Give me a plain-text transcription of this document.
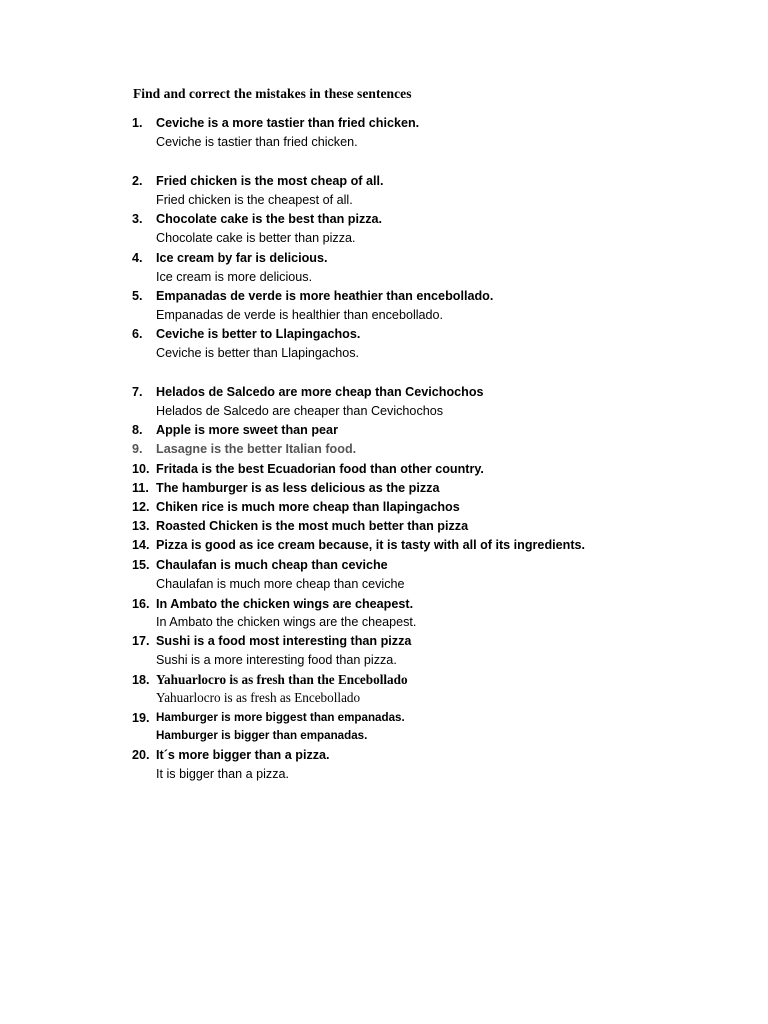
Find and correct the mistakes in these sentences
1. Ceviche is a more tastier than fried chicken.
Ceviche is tastier than fried chicken.
2. Fried chicken is the most cheap of all.
Fried chicken is the cheapest of all.
3. Chocolate cake is the best than pizza.
Chocolate cake is better than pizza.
4. Ice cream by far is delicious.
Ice cream is more delicious.
5. Empanadas de verde is more heathier than encebollado.
Empanadas de verde is healthier than encebollado.
6. Ceviche is better to Llapingachos.
Ceviche is better than Llapingachos.
7. Helados de Salcedo are more cheap than Cevichochos
Helados de Salcedo are cheaper than Cevichochos
8. Apple is more sweet than pear
9. Lasagne is the better Italian food.
10. Fritada is the best Ecuadorian food than other country.
11. The hamburger is as less delicious as the pizza
12. Chiken rice is much more cheap than llapingachos
13. Roasted Chicken is the most much better than pizza
14. Pizza is good as ice cream because, it is tasty with all of its ingredients.
15. Chaulafan is much cheap than ceviche
Chaulafan is much more cheap than ceviche
16. In Ambato the chicken wings are cheapest.
In Ambato the chicken wings are the cheapest.
17. Sushi is a food most interesting than pizza
Sushi is a more interesting food than pizza.
18. Yahuarlocro is as fresh than the Encebollado
Yahuarlocro is as fresh as Encebollado
19. Hamburger is more biggest than empanadas.
Hamburger is bigger than empanadas.
20. It´s more bigger than a pizza.
It is bigger than a pizza.
